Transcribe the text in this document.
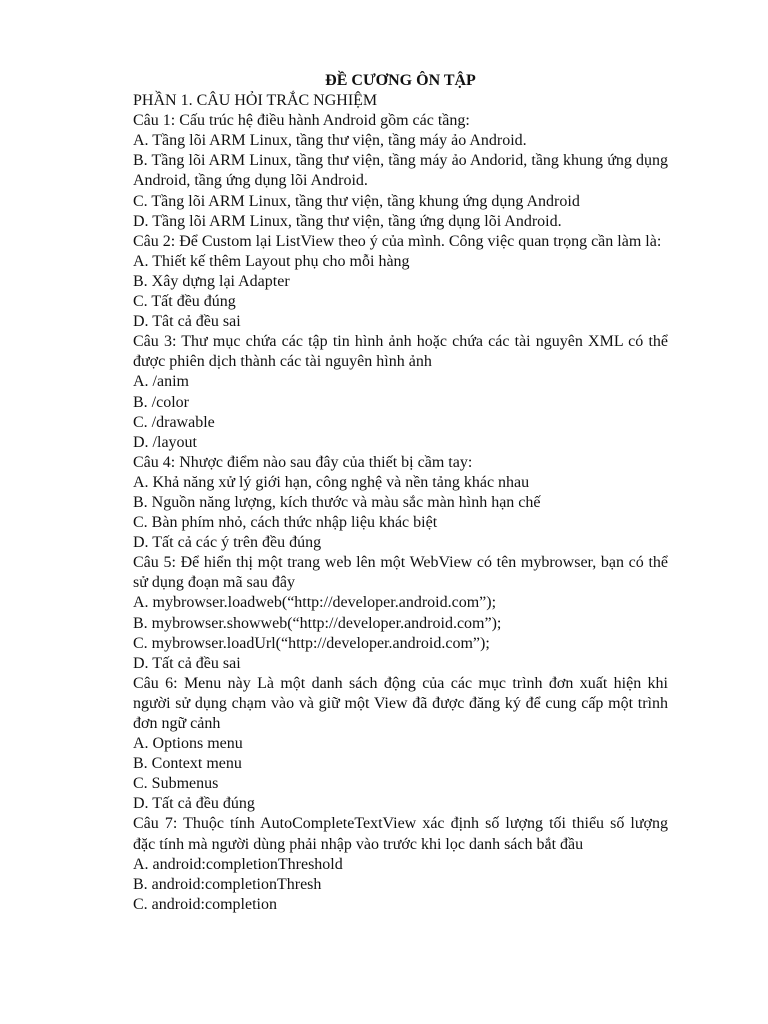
ĐỀ CƯƠNG ÔN TẬP

PHẦN 1. CÂU HỎI TRẮC NGHIỆM

Câu 1: Cấu trúc hệ điều hành Android gồm các tầng:

A. Tầng lõi ARM Linux, tầng thư viện, tầng máy ảo Android.

B. Tầng lõi ARM Linux, tầng thư viện, tầng máy ảo Andorid, tầng khung ứng dụng Android, tầng ứng dụng lõi Android.

C. Tầng lõi ARM Linux, tầng thư viện, tầng khung ứng dụng Android

D. Tầng lõi ARM Linux, tầng thư viện, tầng ứng dụng lõi Android.

Câu 2: Để Custom lại ListView theo ý của mình. Công việc quan trọng cần làm là:

A. Thiết kế thêm Layout phụ cho mỗi hàng

B. Xây dựng lại Adapter

C. Tất đều đúng

D. Tât cả đều sai

Câu 3: Thư mục chứa các tập tin hình ảnh hoặc chứa các tài nguyên XML có thể được phiên dịch thành các tài nguyên hình ảnh

A. /anim

B. /color

C. /drawable

D. /layout

Câu 4: Nhược điểm nào sau đây của thiết bị cầm tay:

A. Khả năng xử lý giới hạn, công nghệ và nền tảng khác nhau

B. Nguồn năng lượng, kích thước và màu sắc màn hình hạn chế

C. Bàn phím nhỏ, cách thức nhập liệu khác biệt

D. Tất cả các ý trên đều đúng

Câu 5: Để hiển thị một trang web lên một WebView có tên mybrowser, bạn có thể sử dụng đoạn mã sau đây

A. mybrowser.loadweb(“http://developer.android.com”);

B. mybrowser.showweb(“http://developer.android.com”);

C. mybrowser.loadUrl(“http://developer.android.com”);

D. Tất cả đều sai

Câu 6: Menu này Là một danh sách động của các mục trình đơn xuất hiện khi người sử dụng chạm vào và giữ một View đã được đăng ký để cung cấp một trình đơn ngữ cảnh

A. Options menu

B. Context menu

C. Submenus

D. Tất cả đều đúng

Câu 7: Thuộc tính AutoCompleteTextView xác định số lượng tối thiểu số lượng đặc tính mà người dùng phải nhập vào trước khi lọc danh sách bắt đầu

A. android:completionThreshold

B. android:completionThresh

C. android:completion
